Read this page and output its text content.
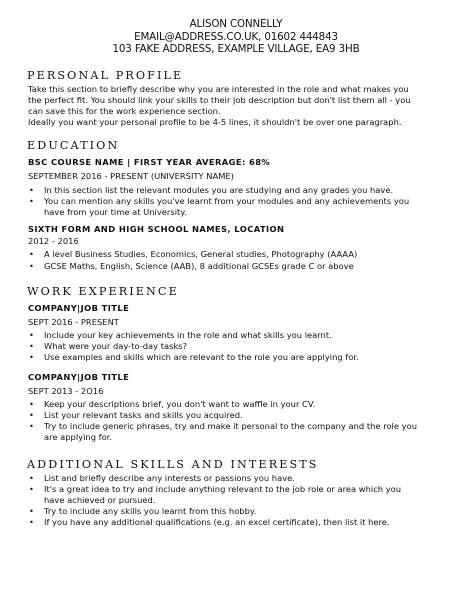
ALISON CONNELLY
EMAIL@ADDRESS.CO.UK, 01602 444843
103 FAKE ADDRESS, EXAMPLE VILLAGE, EA9 3HB
PERSONAL PROFILE
Take this section to briefly describe why you are interested in the role and what makes you
the perfect fit. You should link your skills to their job description but don't list them all - you
can save this for the work experience section.
Ideally you want your personal profile to be 4-5 lines, it shouldn't be over one paragraph.
EDUCATION
BSC COURSE NAME | FIRST YEAR AVERAGE: 68%
SEPTEMBER 2016 - PRESENT (UNIVERSITY NAME)
• In this section list the relevant modules you are studying and any grades you have.
• You can mention any skills you've learnt from your modules and any achievements you
have from your time at University.
SIXTH FORM AND HIGH SCHOOL NAMES, LOCATION
2012 - 2016
• A level Business Studies, Economics, General studies, Photography (AAAA)
• GCSE Maths, English, Science (AAB), 8 additional GCSEs grade C or above
WORK EXPERIENCE
COMPANY|JOB TITLE
SEPT 2016 - PRESENT
• Include your key achievements in the role and what skills you learnt.
• What were your day-to-day tasks?
• Use examples and skills which are relevant to the role you are applying for.
COMPANY|JOB TITLE
SEPT 2013 - 2O16
• Keep your descriptions brief, you don't want to waffle in your CV.
• List your relevant tasks and skills you acquired.
• Try to include generic phrases, try and make it personal to the company and the role you
are applying for.
ADDITIONAL SKILLS AND INTERESTS
• List and briefly describe any interests or passions you have.
• It's a great idea to try and include anything relevant to the job role or area which you
have achieved or pursued.
• Try to include any skills you learnt from this hobby.
• If you have any additional qualifications (e.g. an excel certificate), then list it here.
